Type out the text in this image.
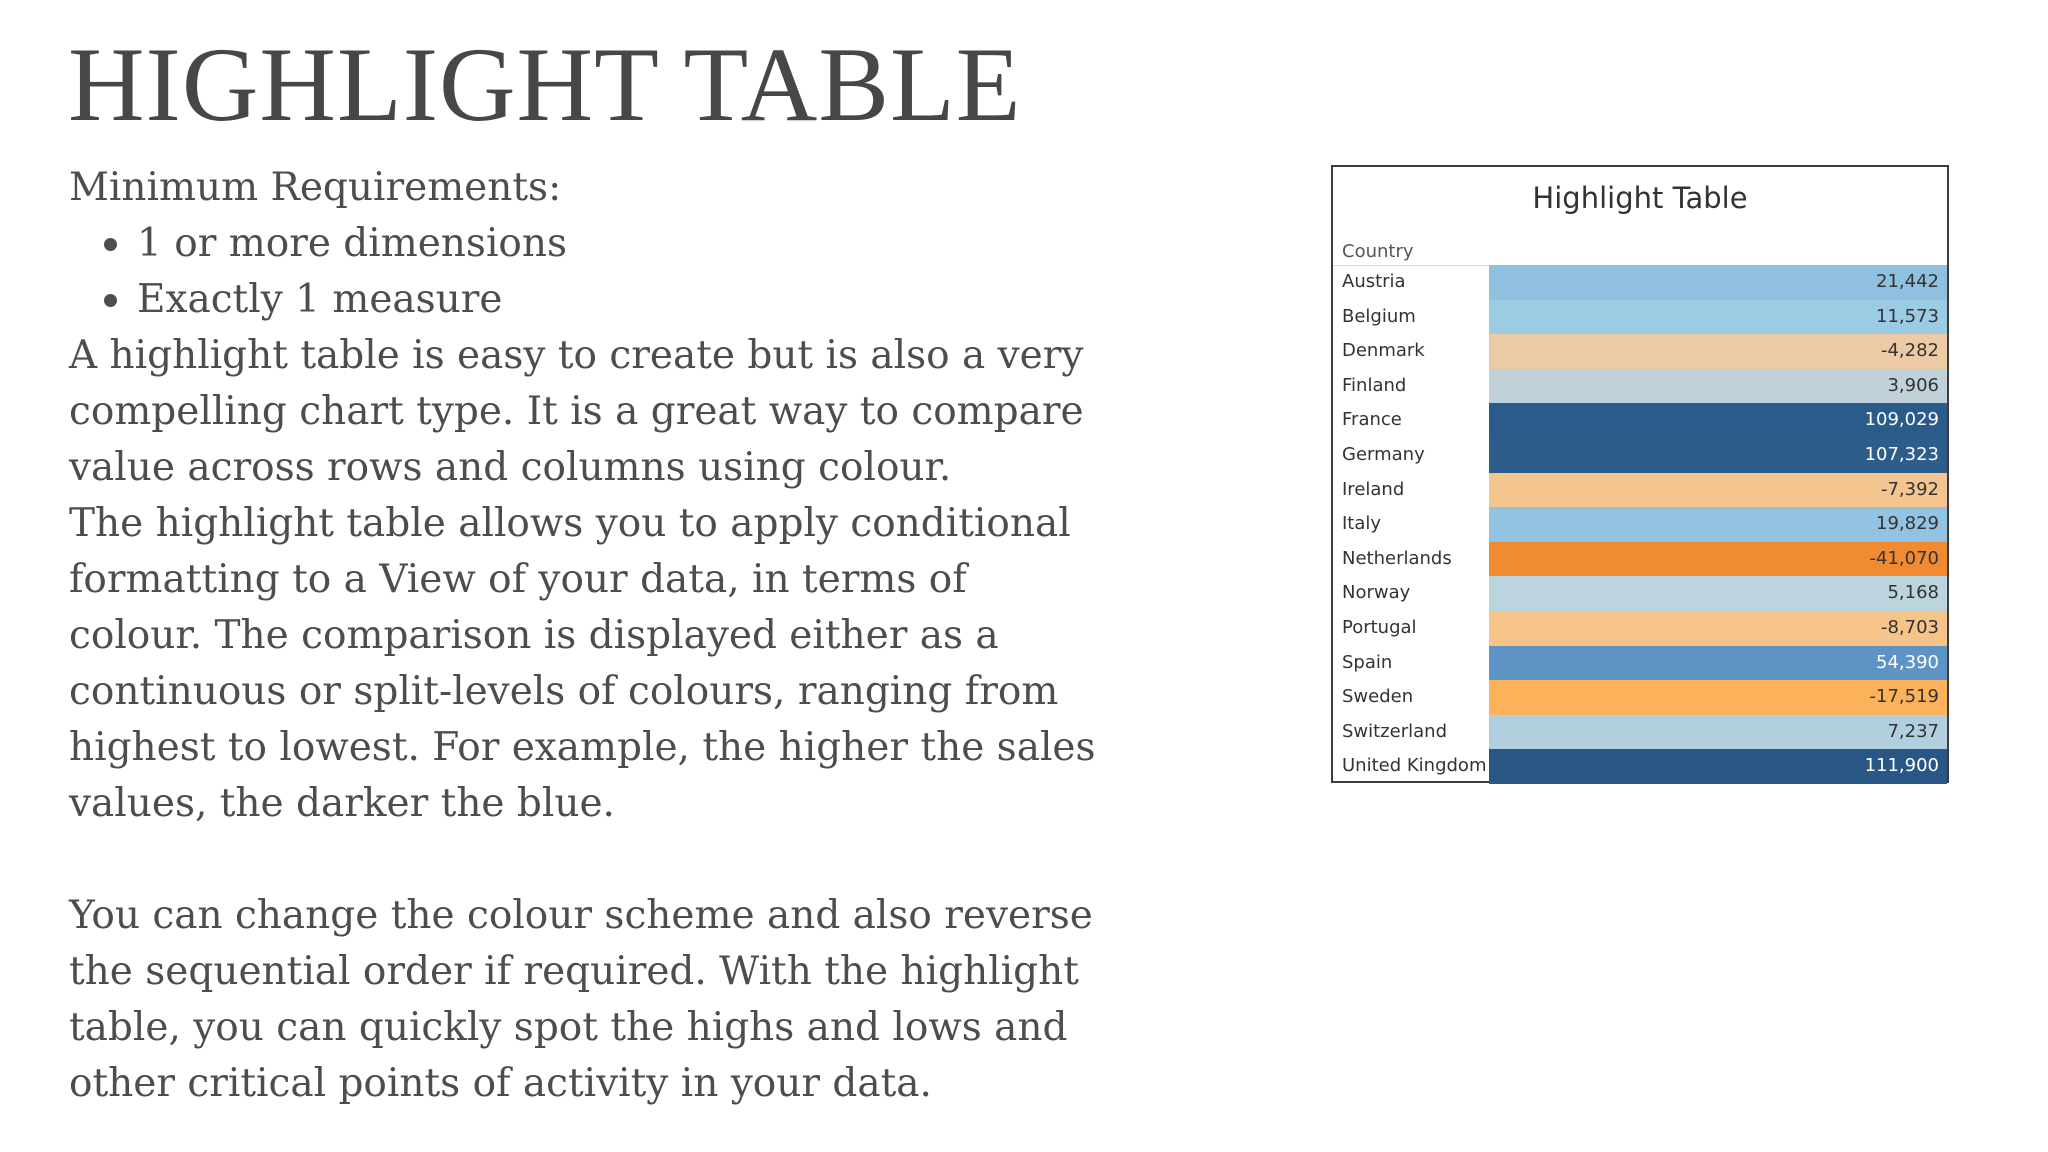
HIGHLIGHT TABLE

Minimum Requirements:

1 or more dimensions
Exactly 1 measure

A highlight table is easy to create but is also a very compelling chart type. It is a great way to compare value across rows and columns using colour.

The highlight table allows you to apply conditional formatting to a View of your data, in terms of colour. The comparison is displayed either as a continuous or split-levels of colours, ranging from highest to lowest. For example, the higher the sales values, the darker the blue.

You can change the colour scheme and also reverse the sequential order if required. With the highlight table, you can quickly spot the highs and lows and other critical points of activity in your data.

Highlight Table
Country
Austria	21,442
Belgium	11,573
Denmark	-4,282
Finland	3,906
France	109,029
Germany	107,323
Ireland	-7,392
Italy	19,829
Netherlands	-41,070
Norway	5,168
Portugal	-8,703
Spain	54,390
Sweden	-17,519
Switzerland	7,237
United Kingdom	111,900
